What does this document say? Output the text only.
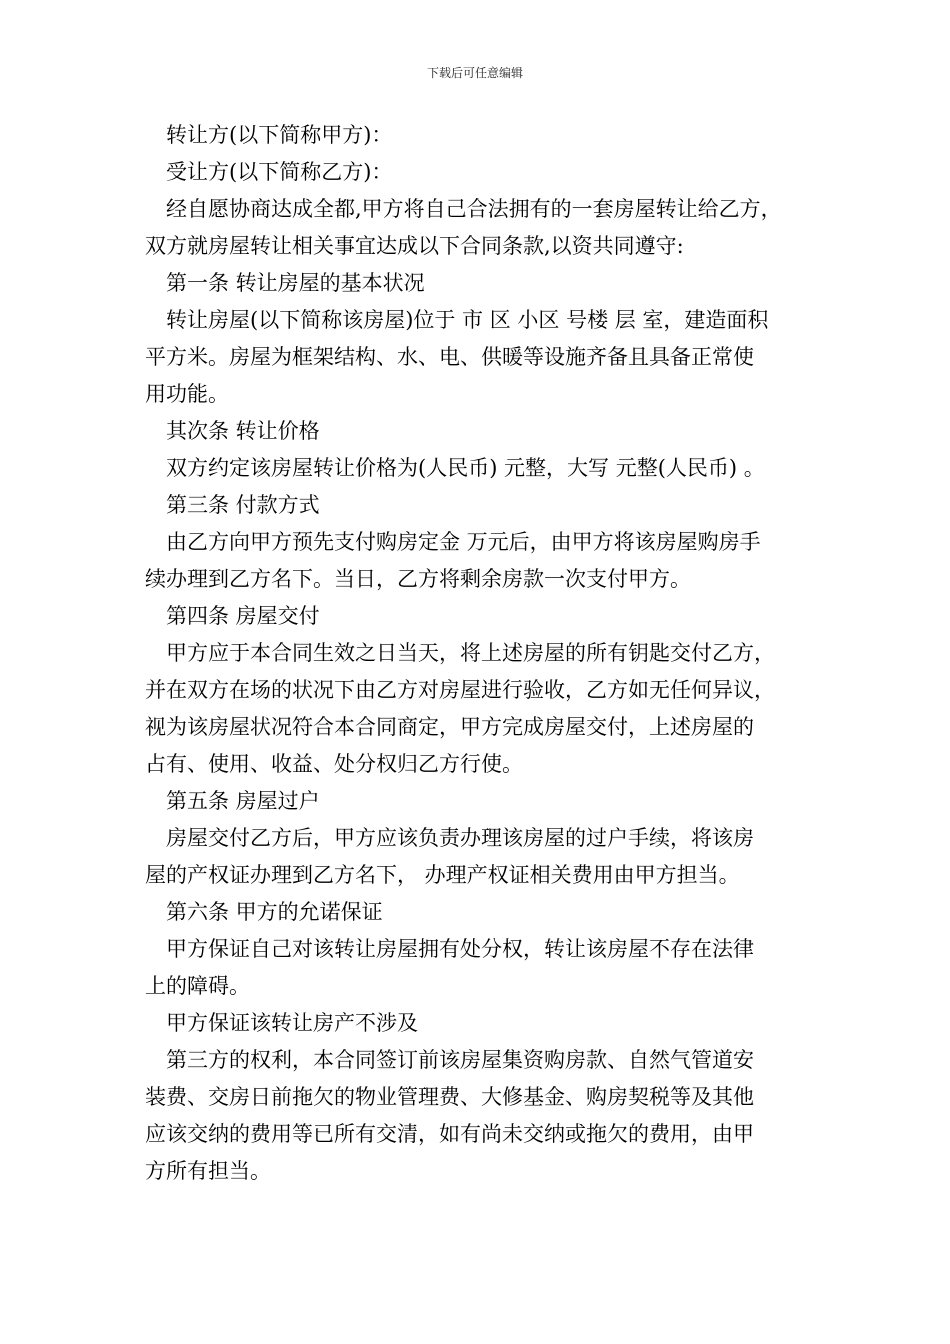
下载后可任意编辑
转让方(以下简称甲方)：
受让方(以下简称乙方)：
经自愿协商达成全都,甲方将自己合法拥有的一套房屋转让给乙方，
双方就房屋转让相关事宜达成以下合同条款,以资共同遵守:
第一条 转让房屋的基本状况
转让房屋(以下简称该房屋)位于 市 区 小区 号楼 层 室，建造面积
平方米。房屋为框架结构、水、电、供暖等设施齐备且具备正常使
用功能。
其次条 转让价格
双方约定该房屋转让价格为(人民币) 元整，大写 元整(人民币) 。
第三条 付款方式
由乙方向甲方预先支付购房定金 万元后，由甲方将该房屋购房手
续办理到乙方名下。当日，乙方将剩余房款一次支付甲方。
第四条 房屋交付
甲方应于本合同生效之日当天，将上述房屋的所有钥匙交付乙方，
并在双方在场的状况下由乙方对房屋进行验收，乙方如无任何异议，
视为该房屋状况符合本合同商定，甲方完成房屋交付，上述房屋的
占有、使用、收益、处分权归乙方行使。
第五条 房屋过户
房屋交付乙方后，甲方应该负责办理该房屋的过户手续，将该房
屋的产权证办理到乙方名下， 办理产权证相关费用由甲方担当。
第六条 甲方的允诺保证
甲方保证自己对该转让房屋拥有处分权，转让该房屋不存在法律
上的障碍。
甲方保证该转让房产不涉及
第三方的权利，本合同签订前该房屋集资购房款、自然气管道安
装费、交房日前拖欠的物业管理费、大修基金、购房契税等及其他
应该交纳的费用等已所有交清，如有尚未交纳或拖欠的费用，由甲
方所有担当。
